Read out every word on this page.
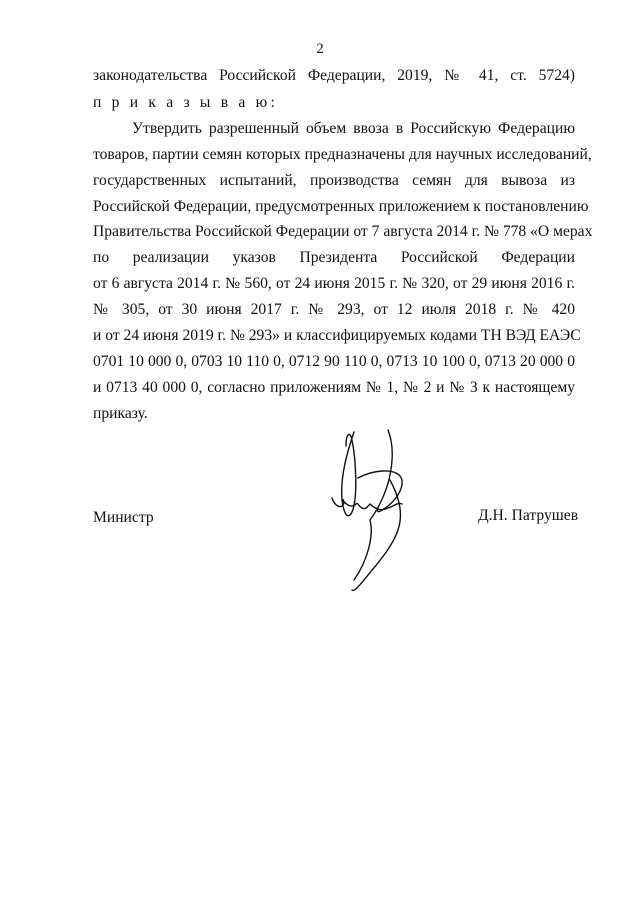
2
законодательства Российской Федерации, 2019, № 41, ст. 5724)
п р и к а з ы в а ю:
Утвердить разрешенный объем ввоза в Российскую Федерацию
товаров, партии семян которых предназначены для научных исследований,
государственных испытаний, производства семян для вывоза из
Российской Федерации, предусмотренных приложением к постановлению
Правительства Российской Федерации от 7 августа 2014 г. № 778 «О мерах
по реализации указов Президента Российской Федерации
от 6 августа 2014 г. № 560, от 24 июня 2015 г. № 320, от 29 июня 2016 г.
№ 305, от 30 июня 2017 г. № 293, от 12 июля 2018 г. № 420
и от 24 июня 2019 г. № 293» и классифицируемых кодами ТН ВЭД ЕАЭС
0701 10 000 0, 0703 10 110 0, 0712 90 110 0, 0713 10 100 0, 0713 20 000 0
и 0713 40 000 0, согласно приложениям № 1, № 2 и № 3 к настоящему
приказу.
Министр	Д.Н. Патрушев
